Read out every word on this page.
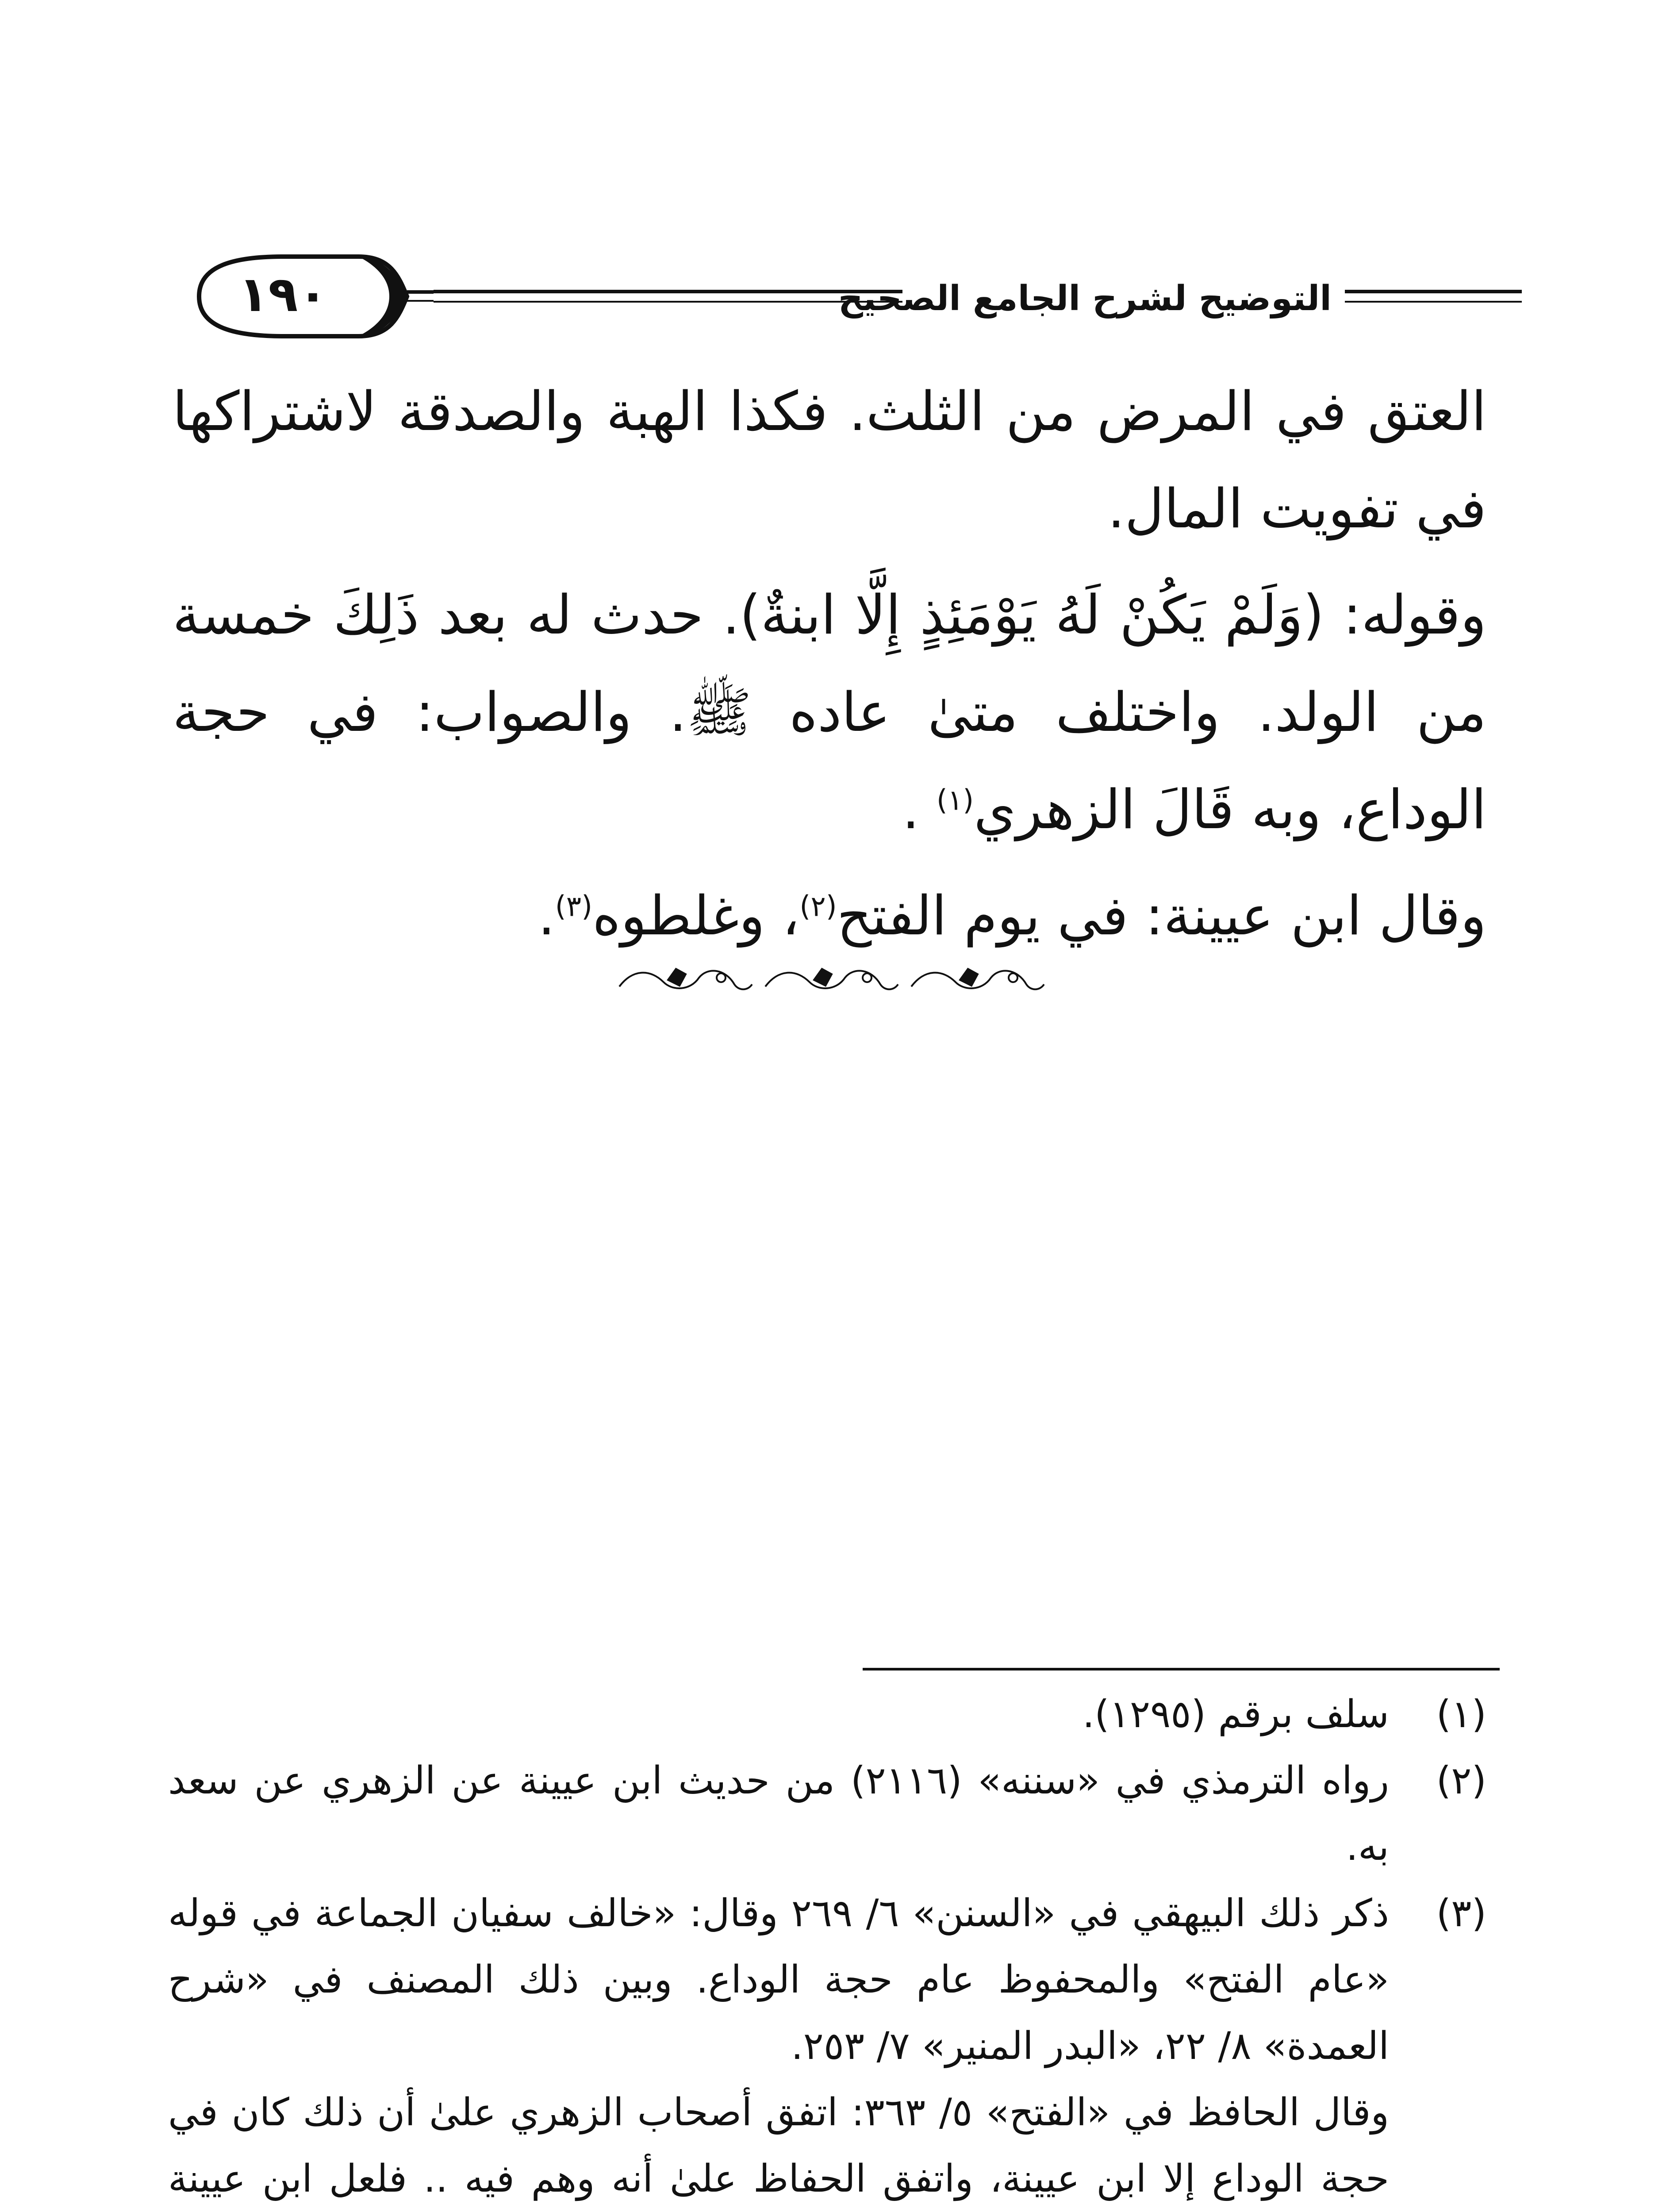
١٩٠	التوضيح لشرح الجامع الصحيح

العتق في المرض من الثلث. فكذا الهبة والصدقة لاشتراكها في تفويت المال.

وقوله: (وَلَمْ يَكُنْ لَهُ يَوْمَئِذٍ إِلَّا ابنةٌ). حدث له بعد ذَلِكَ خمسة من الولد. واختلف متىٰ عاده ﷺ. والصواب: في حجة الوداع، وبه قَالَ الزهري$^{(١)}$ .

وقال ابن عيينة: في يوم الفتح$^{(٢)}$، وغلطوه$^{(٣)}$.

(١)
سلف برقم (١٢٩٥).

(٢)
رواه الترمذي في «سننه» (٢١١٦) من حديث ابن عيينة عن الزهري عن سعد به.

(٣)
ذكر ذلك البيهقي في «السنن» ٦/ ٢٦٩ وقال: «خالف سفيان الجماعة في قوله «عام الفتح» والمحفوظ عام حجة الوداع. وبين ذلك المصنف في «شرح العمدة» ٨/ ٢٢، «البدر المنير» ٧/ ٢٥٣.

وقال الحافظ في «الفتح» ٥/ ٣٦٣: اتفق أصحاب الزهري علىٰ أن ذلك كان في حجة الوداع إلا ابن عيينة، واتفق الحفاظ علىٰ أنه وهم فيه .. فلعل ابن عيينة
